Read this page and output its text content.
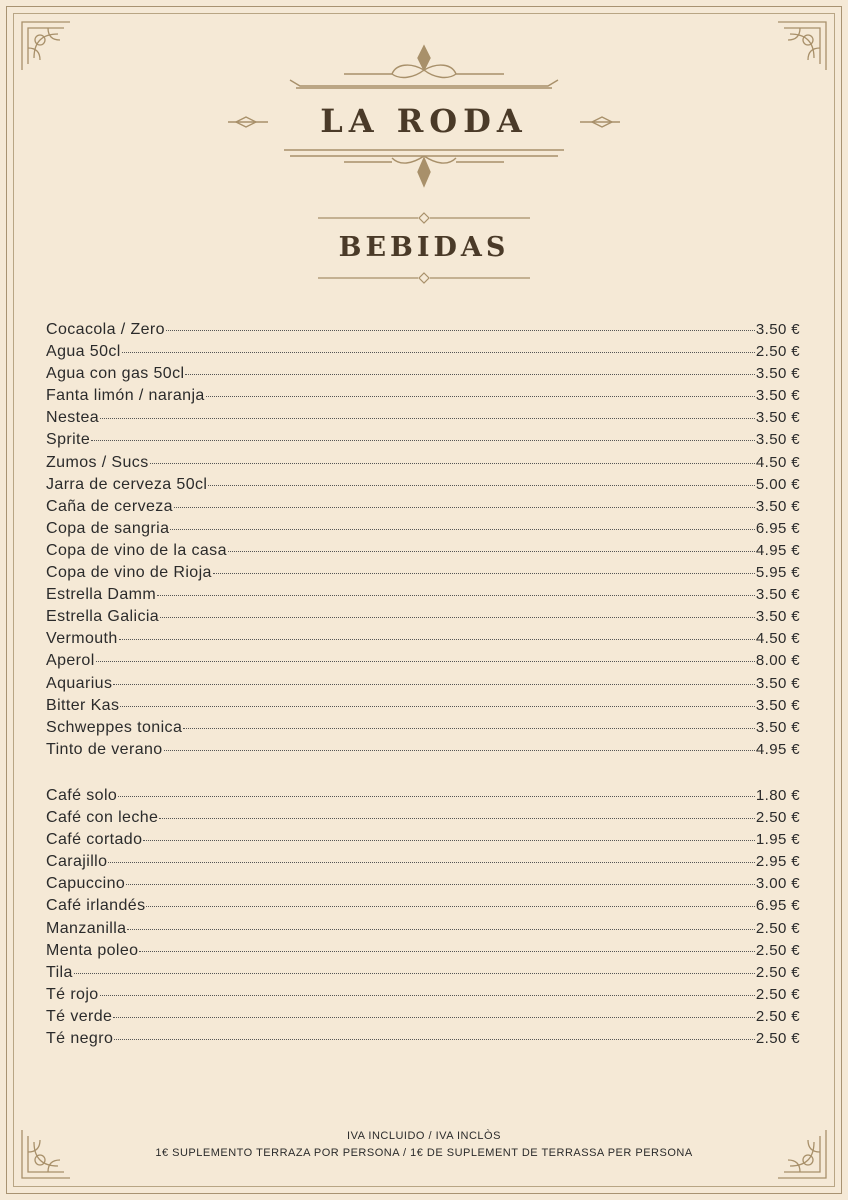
LA RODA
BEBIDAS
Cocacola / Zero	3.50 €
Agua 50cl	2.50 €
Agua con gas 50cl	3.50 €
Fanta limón / naranja	3.50 €
Nestea	3.50 €
Sprite	3.50 €
Zumos / Sucs	4.50 €
Jarra de cerveza 50cl	5.00 €
Caña de cerveza	3.50 €
Copa de sangria	6.95 €
Copa de vino de la casa	4.95 €
Copa de vino de Rioja	5.95 €
Estrella Damm	3.50 €
Estrella Galicia	3.50 €
Vermouth	4.50 €
Aperol	8.00 €
Aquarius	3.50 €
Bitter Kas	3.50 €
Schweppes tonica	3.50 €
Tinto de verano	4.95 €
Café solo	1.80 €
Café con leche	2.50 €
Café cortado	1.95 €
Carajillo	2.95 €
Capuccino	3.00 €
Café irlandés	6.95 €
Manzanilla	2.50 €
Menta poleo	2.50 €
Tila	2.50 €
Té rojo	2.50 €
Té verde	2.50 €
Té negro	2.50 €
IVA INCLUIDO / IVA INCLÒS
1€ SUPLEMENTO TERRAZA POR PERSONA / 1€ DE SUPLEMENT DE TERRASSA PER PERSONA
